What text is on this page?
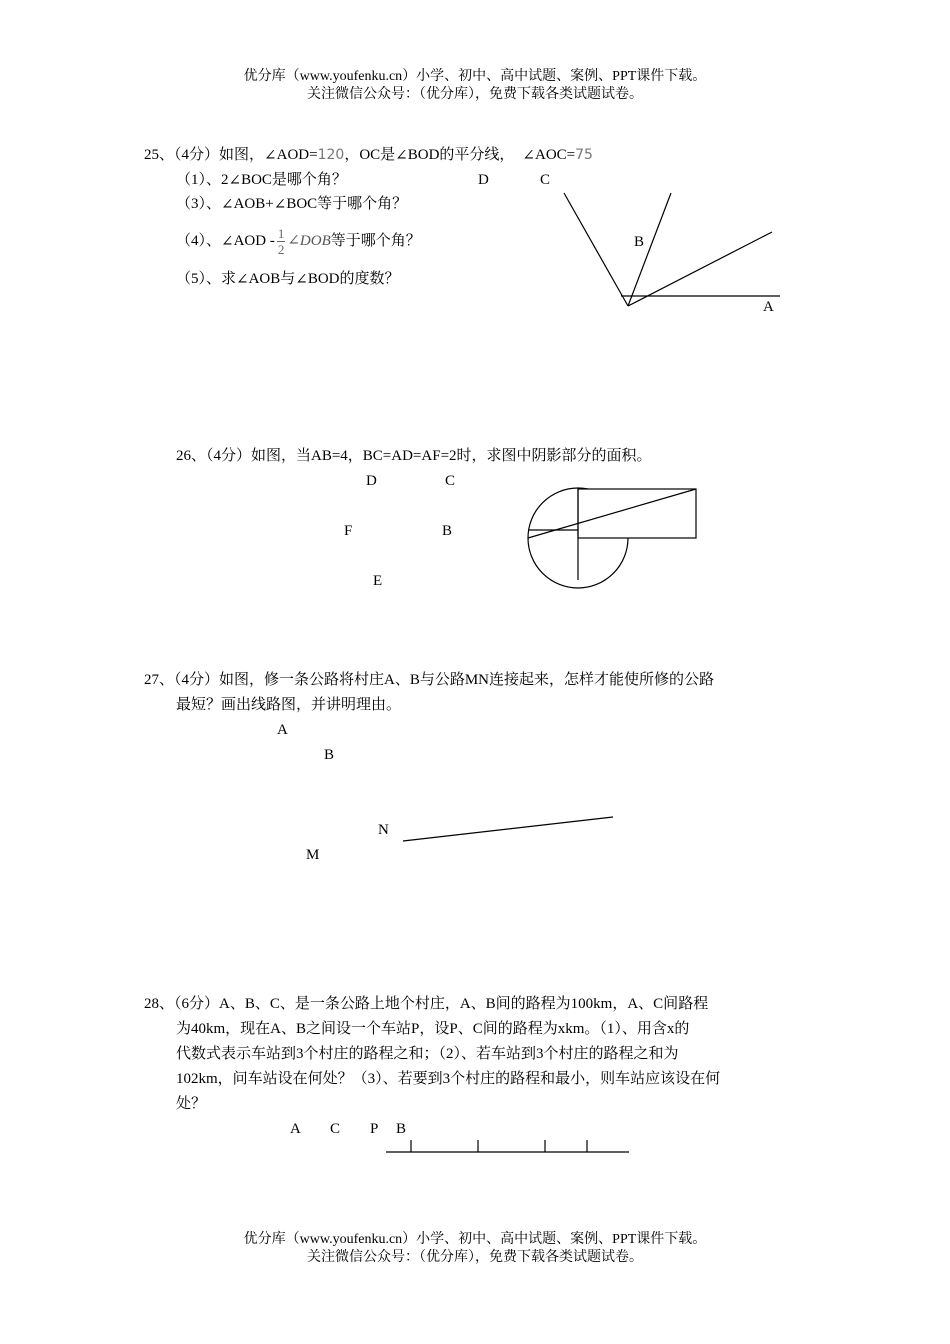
优分库（www.youfenku.cn）小学、初中、高中试题、案例、PPT课件下载。
关注微信公众号：（优分库），免费下载各类试题试卷。
25、（4分）如图，∠AOD=120，OC是∠BOD的平分线， ∠AOC=75
（1）、2∠BOC是哪个角？
（3）、∠AOB+∠BOC等于哪个角？
（4）、∠AOD - $\frac{1}{2}$ ∠DOB等于哪个角？
（5）、求∠AOB与∠BOD的度数？
D	C
B
A
26、（4分）如图，当AB=4，BC=AD=AF=2时，求图中阴影部分的面积。
D	C
F	B
E
27、（4分）如图，修一条公路将村庄A、B与公路MN连接起来，怎样才能使所修的公路
最短？画出线路图，并讲明理由。
A
B
N
M
28、（6分）A、B、C、是一条公路上地个村庄，A、B间的路程为100km，A、C间路程
为40km，现在A、B之间设一个车站P，设P、C间的路程为xkm。（1）、用含x的
代数式表示车站到3个村庄的路程之和；（2）、若车站到3个村庄的路程之和为
102km，问车站设在何处？（3）、若要到3个村庄的路程和最小，则车站应该设在何
处？
A C P B
优分库（www.youfenku.cn）小学、初中、高中试题、案例、PPT课件下载。
关注微信公众号：（优分库），免费下载各类试题试卷。
